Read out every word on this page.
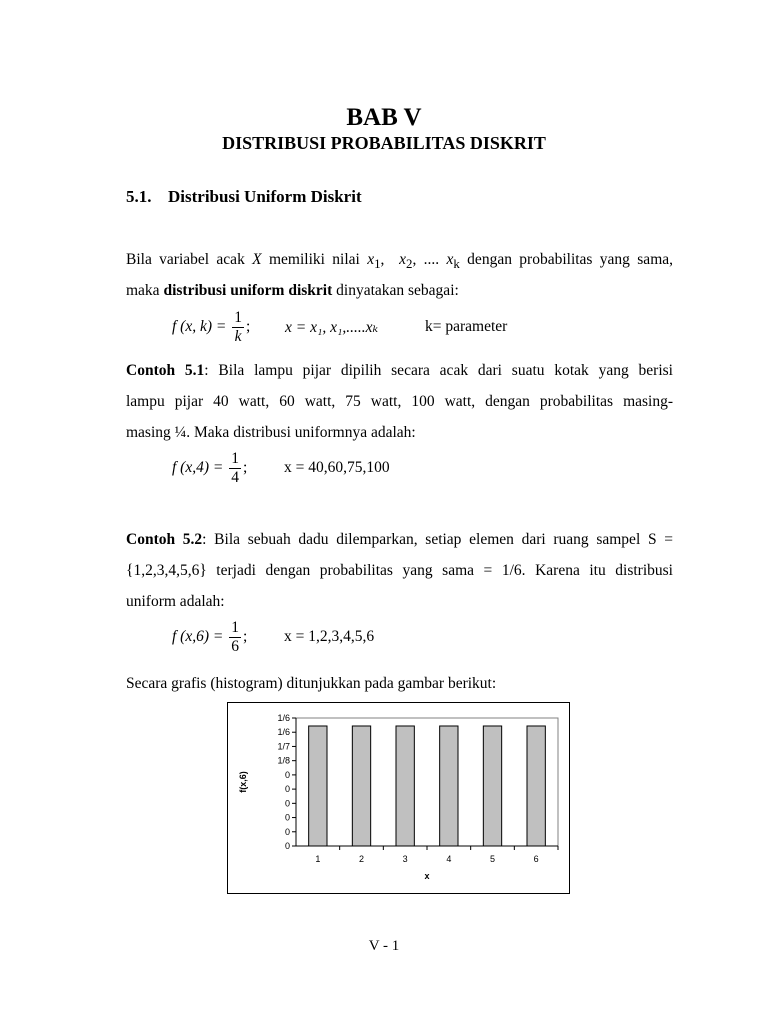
BAB V
DISTRIBUSI PROBABILITAS DISKRIT
5.1. Distribusi Uniform Diskrit
Bila variabel acak X memiliki nilai $x_1$,  $x_2$, .... $x_k$ dengan probabilitas yang sama,
maka distribusi uniform diskrit dinyatakan sebagai:
f (x, $k) = \frac{1}{k}$ ; x = x₁, x₁,.....xₖ	k= parameter
Contoh 5.1: Bila lampu pijar dipilih secara acak dari suatu kotak yang berisi
lampu pijar 40 watt, 60 watt, 75 watt, 100 watt, dengan probabilitas masing-
masing ¼. Maka distribusi uniformnya adalah:
f $(x,4) = \frac{1}{4}$ ; x = 40,60,75,100
Contoh 5.2: Bila sebuah dadu dilemparkan, setiap elemen dari ruang sampel S =
{1,2,3,4,5,6} terjadi dengan probabilitas yang sama = 1/6. Karena itu distribusi
uniform adalah:
f $(x,6) = \frac{1}{6}$ ; x = 1,2,3,4,5,6
Secara grafis (histogram) ditunjukkan pada gambar berikut:
1/6
1/6
1/7
1/8
0
0
0
0
0
0
1	2	3	4	5	6
x
f(x,6)
V - 1
